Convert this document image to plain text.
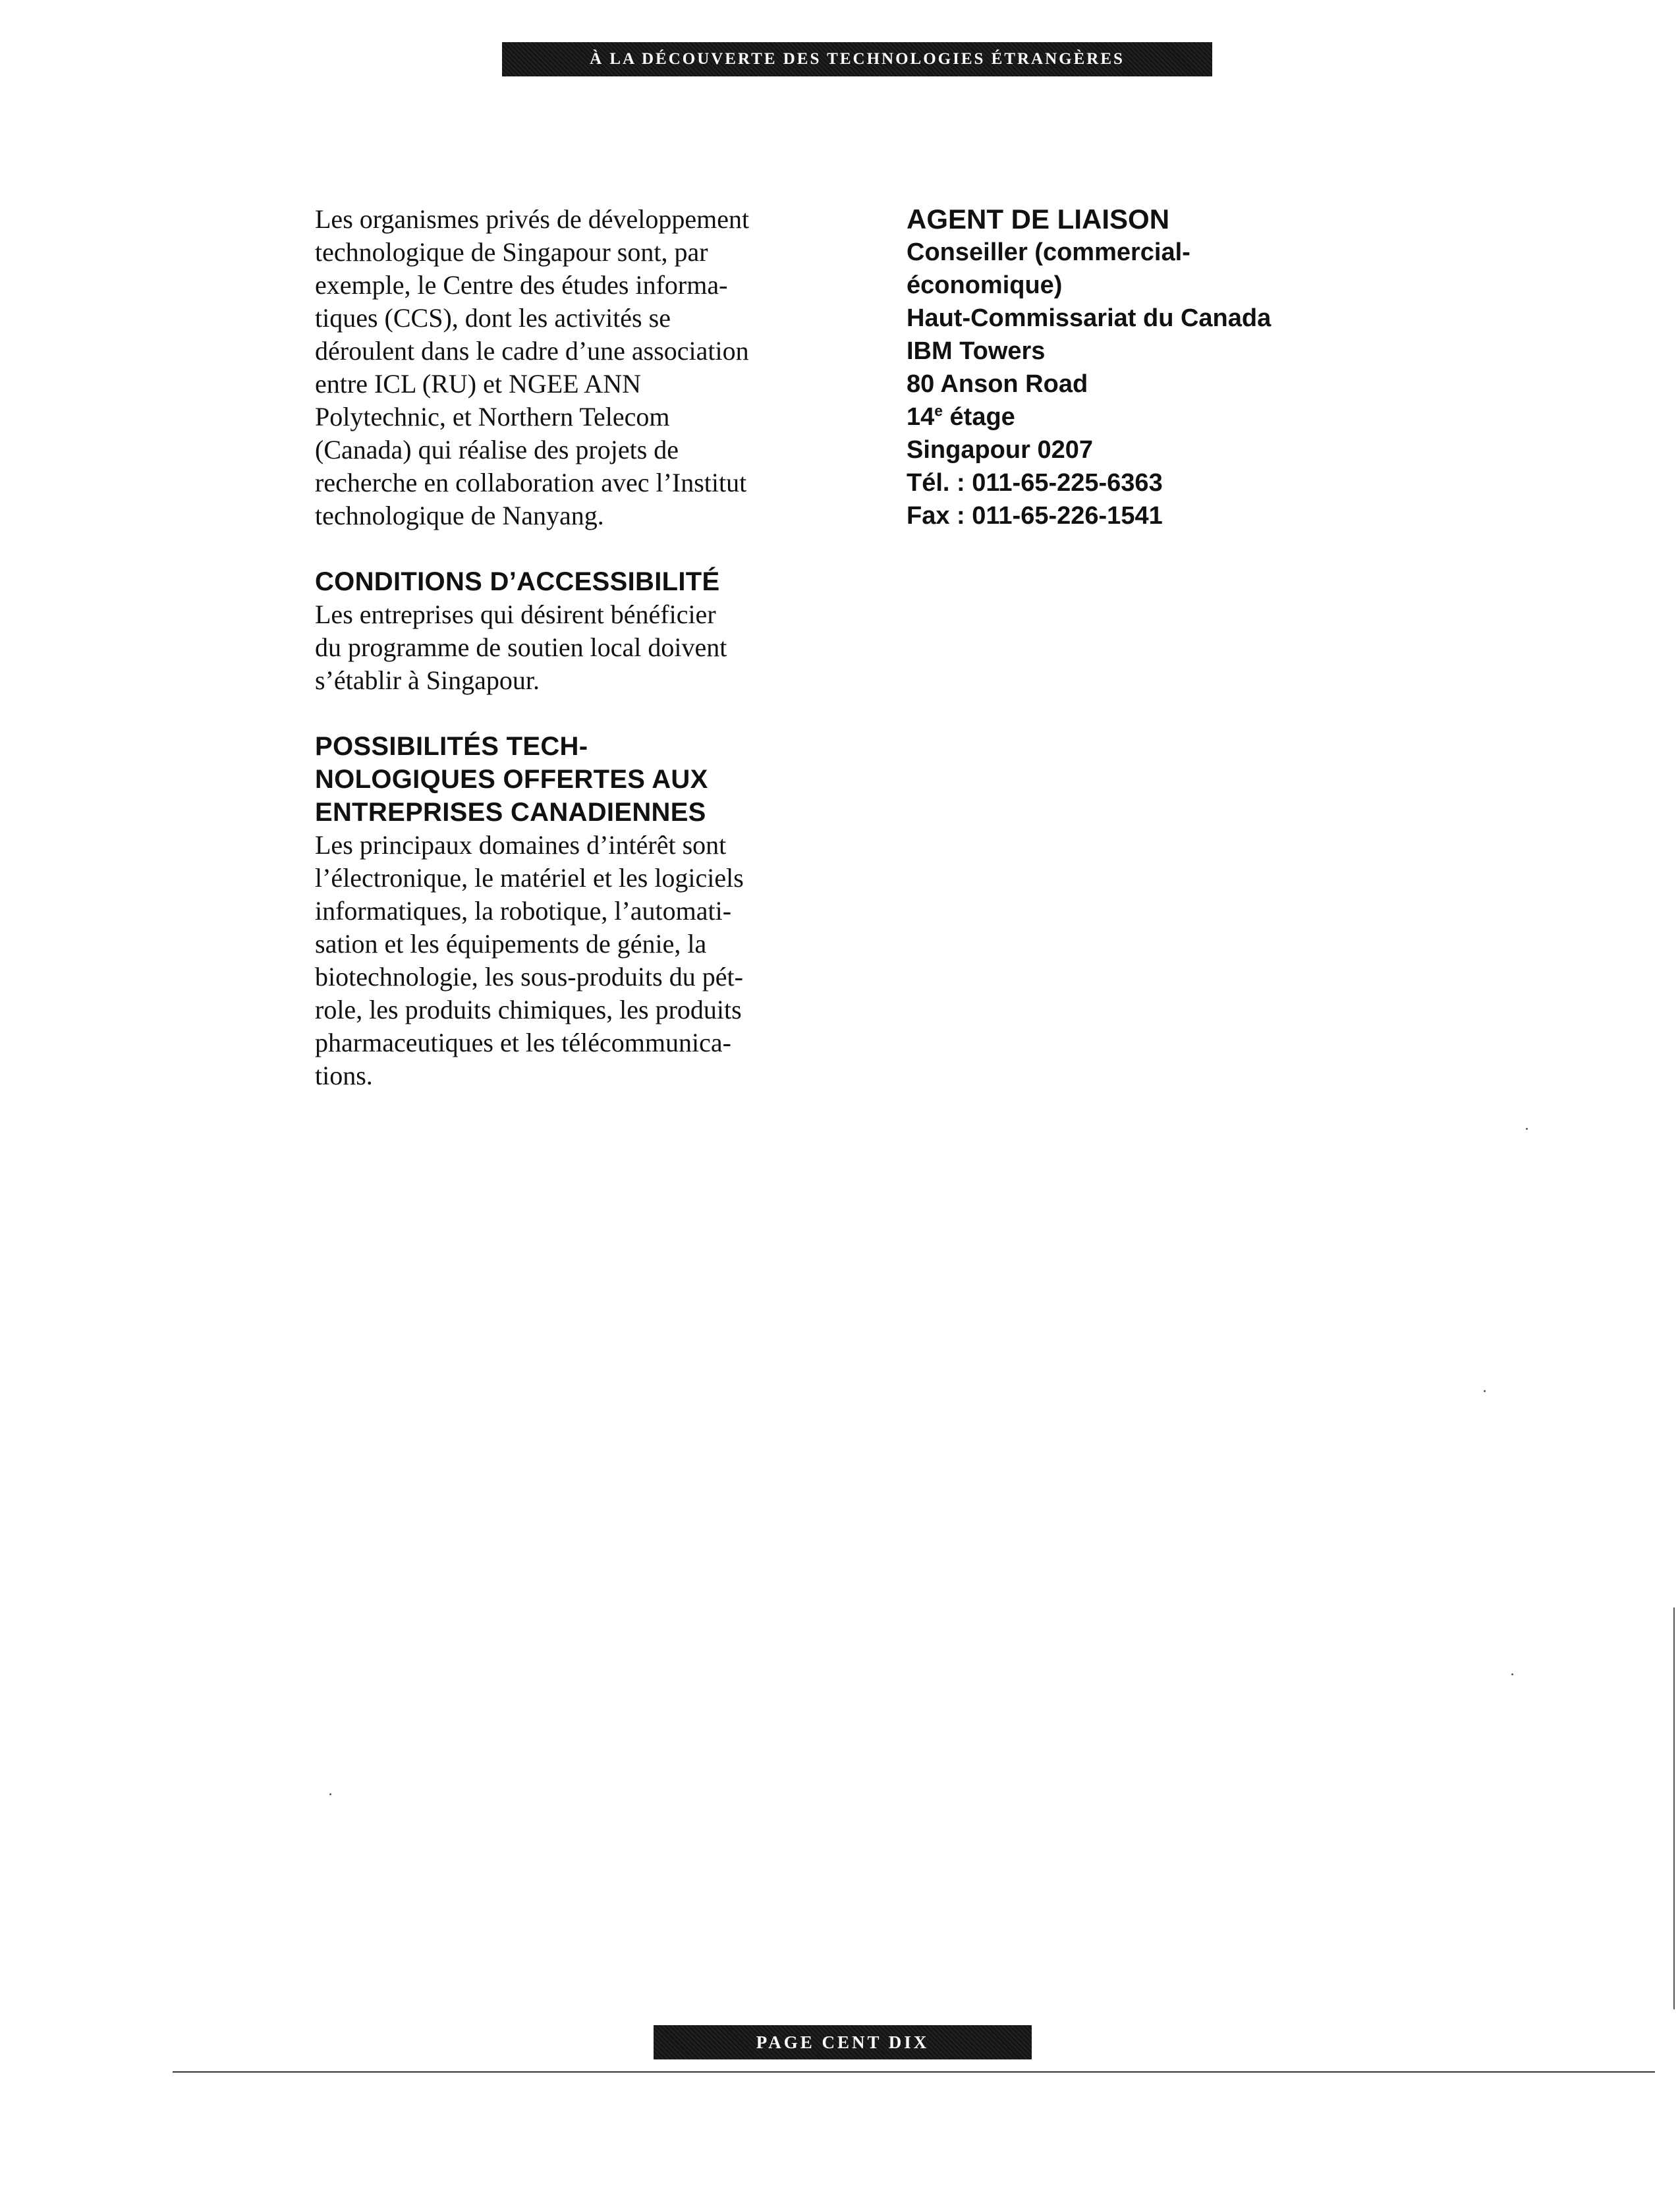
À LA DÉCOUVERTE DES TECHNOLOGIES ÉTRANGÈRES

Les organismes privés de développement

technologique de Singapour sont, par

exemple, le Centre des études informa-

tiques (CCS), dont les activités se

déroulent dans le cadre d’une association

entre ICL (RU) et NGEE ANN

Polytechnic, et Northern Telecom

(Canada) qui réalise des projets de

recherche en collaboration avec l’Institut

technologique de Nanyang.

CONDITIONS D’ACCESSIBILITÉ

Les entreprises qui désirent bénéficier

du programme de soutien local doivent

s’établir à Singapour.

POSSIBILITÉS TECH-
NOLOGIQUES OFFERTES AUX
ENTREPRISES CANADIENNES

Les principaux domaines d’intérêt sont

l’électronique, le matériel et les logiciels

informatiques, la robotique, l’automati-

sation et les équipements de génie, la

biotechnologie, les sous-produits du pét-

role, les produits chimiques, les produits

pharmaceutiques et les télécommunica-

tions.

AGENT DE LIAISON

Conseiller (commercial-

économique)

Haut-Commissariat du Canada

IBM Towers

80 Anson Road

14e étage

Singapour 0207

Tél. : 011-65-225-6363

Fax : 011-65-226-1541

PAGE CENT DIX
